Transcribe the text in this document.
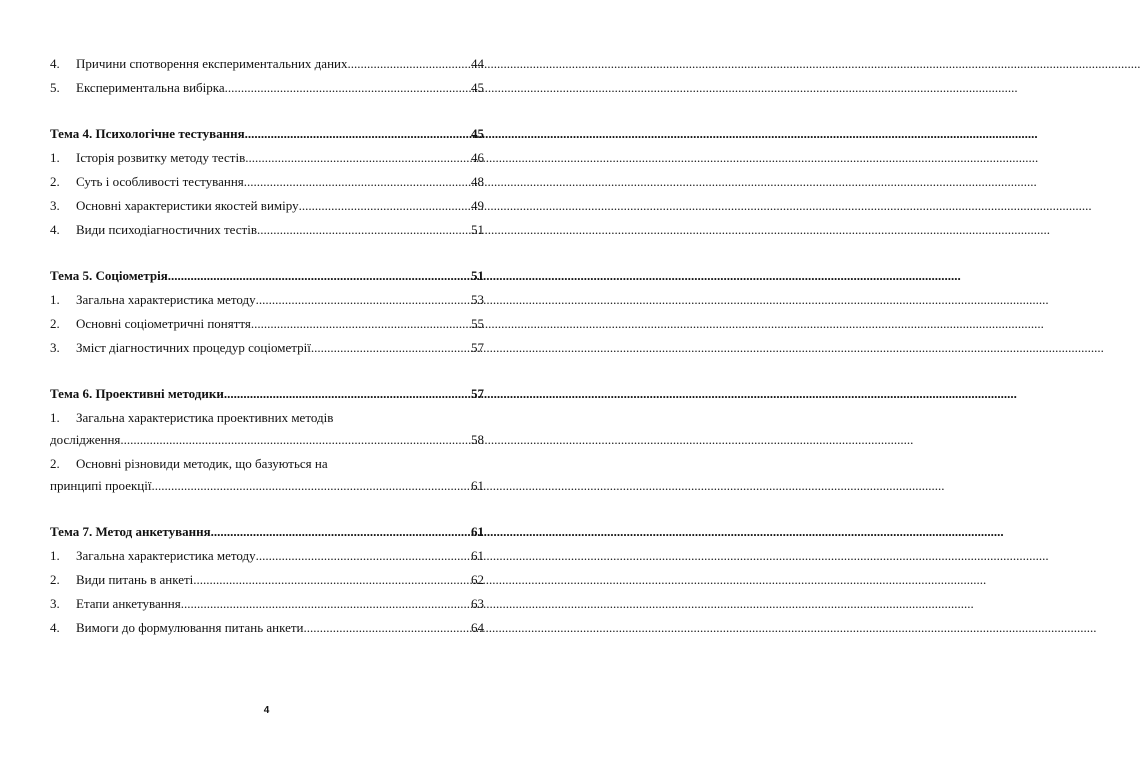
4.	Причини спотворення експериментальних даних .....	44
5.	Експериментальна вибірка .....	45
Тема 4. Психологічне тестування .....	45
1.	Історія розвитку методу тестів .....	46
2.	Суть і особливості тестування .....	48
3.	Основні характеристики якостей виміру .....	49
4.	Види психодіагностичних тестів .....	51
Тема 5. Соціометрія .....	51
1.	Загальна характеристика методу .....	53
2.	Основні соціометричні поняття .....	55
3.	Зміст діагностичних процедур соціометрії .....	57
Тема 6. Проективні методики .....	57
1.	Загальна характеристика проективних методів
дослідження .....	58
2.	Основні різновиди методик, що базуються на
принципі проекції .....	61
Тема 7. Метод анкетування .....	61
1.	Загальна характеристика методу .....	61
2.	Види питань в анкеті .....	62
3.	Етапи анкетування .....	63
4.	Вимоги до формулювання питань анкети .....	64
4
